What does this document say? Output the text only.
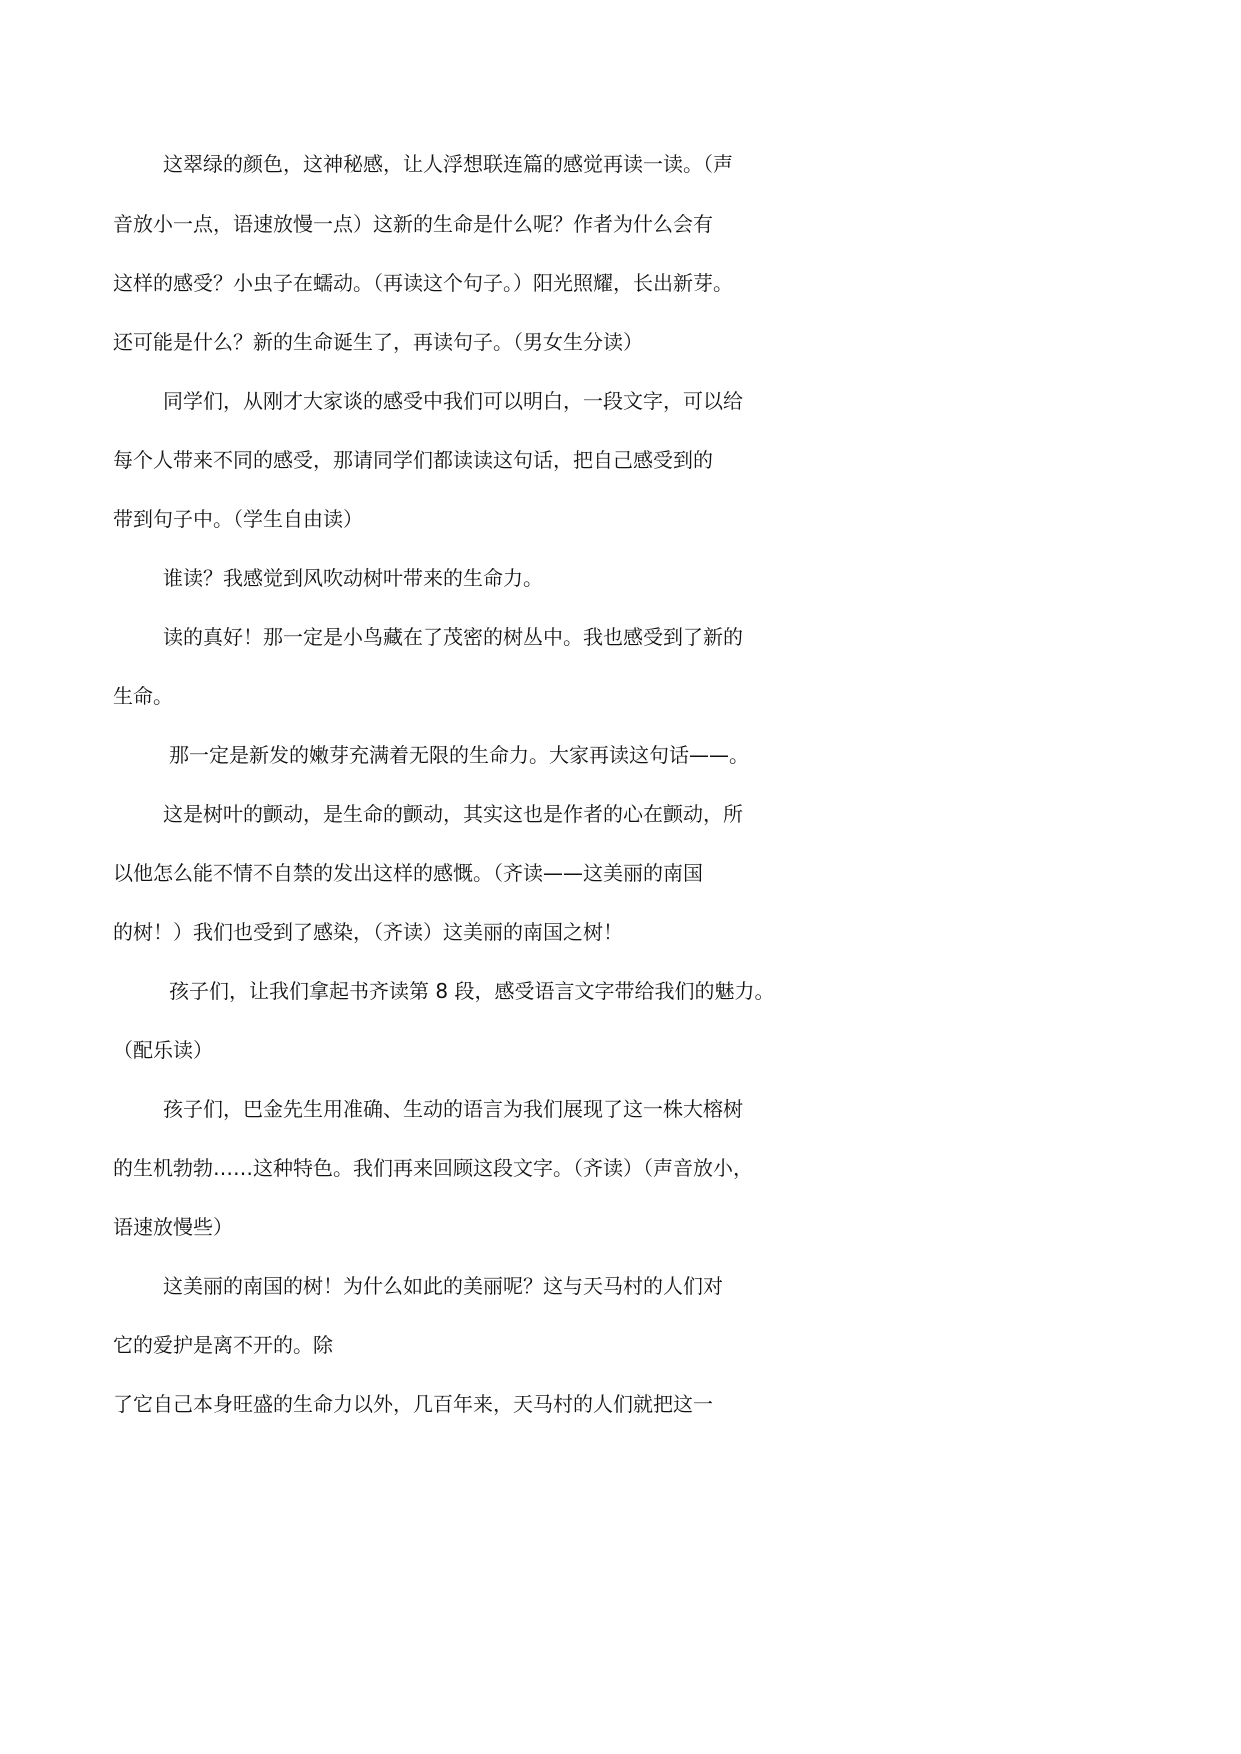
这翠绿的颜色，这神秘感，让人浮想联连篇的感觉再读一读。（声
音放小一点，语速放慢一点）这新的生命是什么呢？作者为什么会有
这样的感受？小虫子在蠕动。（再读这个句子。）阳光照耀，长出新芽。
还可能是什么？新的生命诞生了，再读句子。（男女生分读）
同学们，从刚才大家谈的感受中我们可以明白，一段文字，可以给
每个人带来不同的感受，那请同学们都读读这句话，把自己感受到的
带到句子中。（学生自由读）
谁读？我感觉到风吹动树叶带来的生命力。
读的真好！那一定是小鸟藏在了茂密的树丛中。我也感受到了新的
生命。
那一定是新发的嫩芽充满着无限的生命力。大家再读这句话——。
这是树叶的颤动，是生命的颤动，其实这也是作者的心在颤动，所
以他怎么能不情不自禁的发出这样的感慨。（齐读——这美丽的南国
的树！）我们也受到了感染，（齐读）这美丽的南国之树！
孩子们，让我们拿起书齐读第 8 段，感受语言文字带给我们的魅力。
（配乐读）
孩子们，巴金先生用准确、生动的语言为我们展现了这一株大榕树
的生机勃勃……这种特色。我们再来回顾这段文字。（齐读）（声音放小，
语速放慢些）
这美丽的南国的树！为什么如此的美丽呢？这与天马村的人们对
它的爱护是离不开的。除
了它自己本身旺盛的生命力以外，几百年来，天马村的人们就把这一
